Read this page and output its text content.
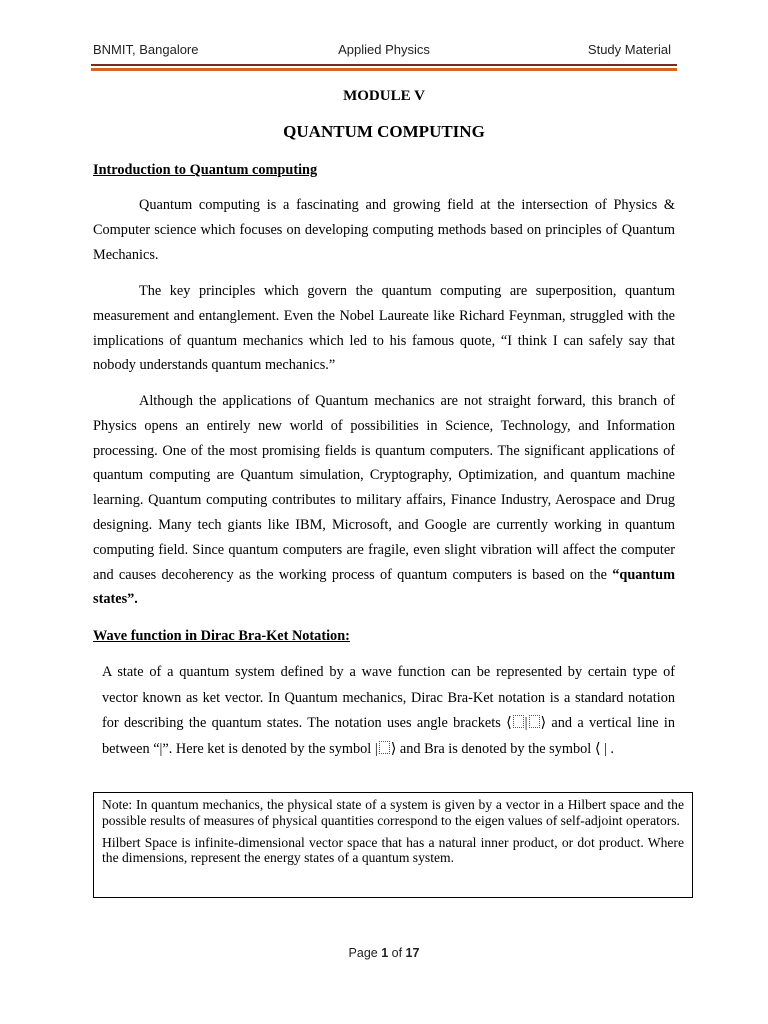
BNMIT, Bangalore	Applied Physics	Study Material
MODULE V
QUANTUM COMPUTING
Introduction to Quantum computing

Quantum computing is a fascinating and growing field at the intersection of Physics & Computer science which focuses on developing computing methods based on principles of Quantum Mechanics.

The key principles which govern the quantum computing are superposition, quantum measurement and entanglement. Even the Nobel Laureate like Richard Feynman, struggled with the implications of quantum mechanics which led to his famous quote, “I think I can safely say that nobody understands quantum mechanics.”

Although the applications of Quantum mechanics are not straight forward, this branch of Physics opens an entirely new world of possibilities in Science, Technology, and Information processing. One of the most promising fields is quantum computers. The significant applications of quantum computing are Quantum simulation, Cryptography, Optimization, and quantum machine learning. Quantum computing contributes to military affairs, Finance Industry, Aerospace and Drug designing. Many tech giants like IBM, Microsoft, and Google are currently working in quantum computing field. Since quantum computers are fragile, even slight vibration will affect the computer and causes decoherency as the working process of quantum computers is based on the “quantum states”.

Wave function in Dirac Bra-Ket Notation:

A state of a quantum system defined by a wave function can be represented by certain type of vector known as ket vector. In Quantum mechanics, Dirac Bra-Ket notation is a standard notation for describing the quantum states. The notation uses angle brackets ⟨ | ⟩ and a vertical line in between “|”. Here ket is denoted by the symbol | ⟩ and Bra is denoted by the symbol ⟨ | .

Note: In quantum mechanics, the physical state of a system is given by a vector in a Hilbert space and the possible results of measures of physical quantities correspond to the eigen values of self-adjoint operators.

Hilbert Space is infinite-dimensional vector space that has a natural inner product, or dot product. Where the dimensions, represent the energy states of a quantum system.

Page 1 of 17
